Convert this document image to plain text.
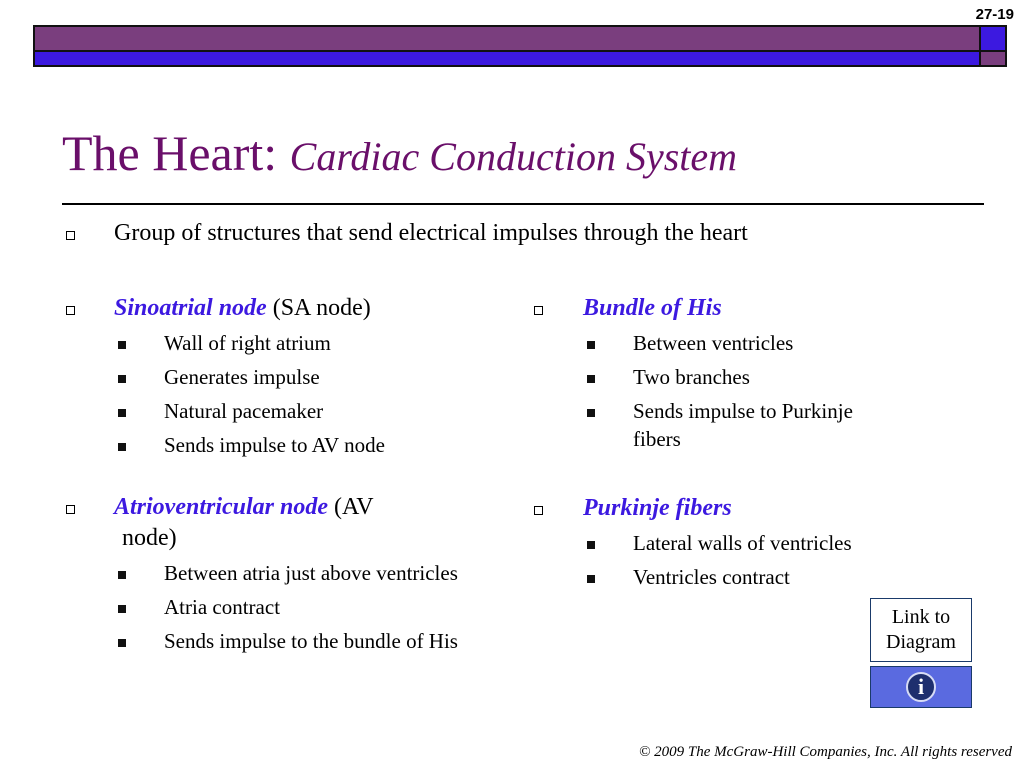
27-19
The Heart: Cardiac Conduction System
Group of structures that send electrical impulses through the heart
Sinoatrial node (SA node)
Wall of right atrium
Generates impulse
Natural pacemaker
Sends impulse to AV node
Atrioventricular node (AV
node)
Between atria just above ventricles
Atria contract
Sends impulse to the bundle of His
Bundle of His
Between ventricles
Two branches
Sends impulse to Purkinje
fibers
Purkinje fibers
Lateral walls of ventricles
Ventricles contract
Link to
Diagram
i
© 2009 The McGraw-Hill Companies, Inc. All rights reserved
